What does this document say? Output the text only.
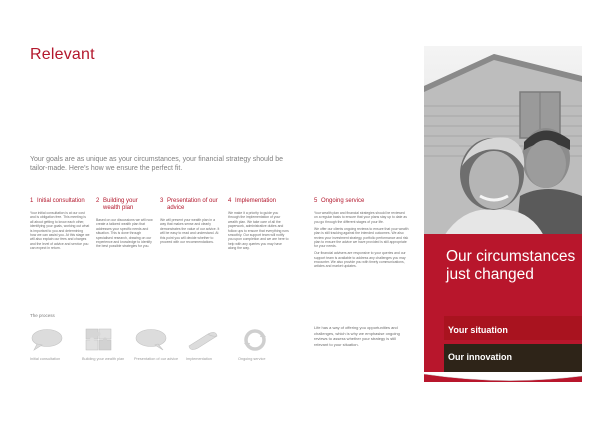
Relevant
Your goals are as unique as your circumstances, your financial strategy should be tailor-made. Here's how we ensure the perfect fit.
1 Initial consultation

Your initial consultation is at our cost and is obligation free. This meeting is all about getting to know each other, identifying your goals, working out what is important to you and determining how we can assist you. At this stage we will also explain our fees and charges and the level of advice and service you can expect in return.

2 Building your wealth plan

Based on our discussions we will now create a tailored wealth plan that addresses your specific needs and situation. This is done through specialised research, drawing on our experience and knowledge to identify the best possible strategies for you.

3 Presentation of our advice

We will present your wealth plan in a way that makes sense and clearly demonstrates the value of our advice. It will be easy to read and understand. At this point you will decide whether to proceed with our recommendations.

4 Implementation

We make it a priority to guide you through the implementation of your wealth plan. We take care of all the paperwork, administrative duties and follow ups to ensure that everything runs smoothly. Our support team will notify you upon completion and we are here to help with any queries you may have along the way.

5 Ongoing service

Your wealth plan and financial strategies should be reviewed on a regular basis to ensure that your plans stay up to date as you go through the different stages of your life.

We offer our clients ongoing reviews to ensure that your wealth plan is still tracking against the intended outcomes. We also review your investment strategy, portfolio performance and risk plan to ensure the advice we have provided is still appropriate for your needs.

Our financial advisers are responsive to your queries and our support team is available to address any challenges you may encounter. We also provide you with timely communications, articles and market updates.

The process
Initial consultation	Building your wealth plan	Presentation of our advice	Implementation	Ongoing service
Life has a way of offering you opportunities and challenges, which is why we emphasise ongoing reviews to assess whether your strategy is still relevant to your situation.
Our circumstances just changed
Your situation
Our innovation
